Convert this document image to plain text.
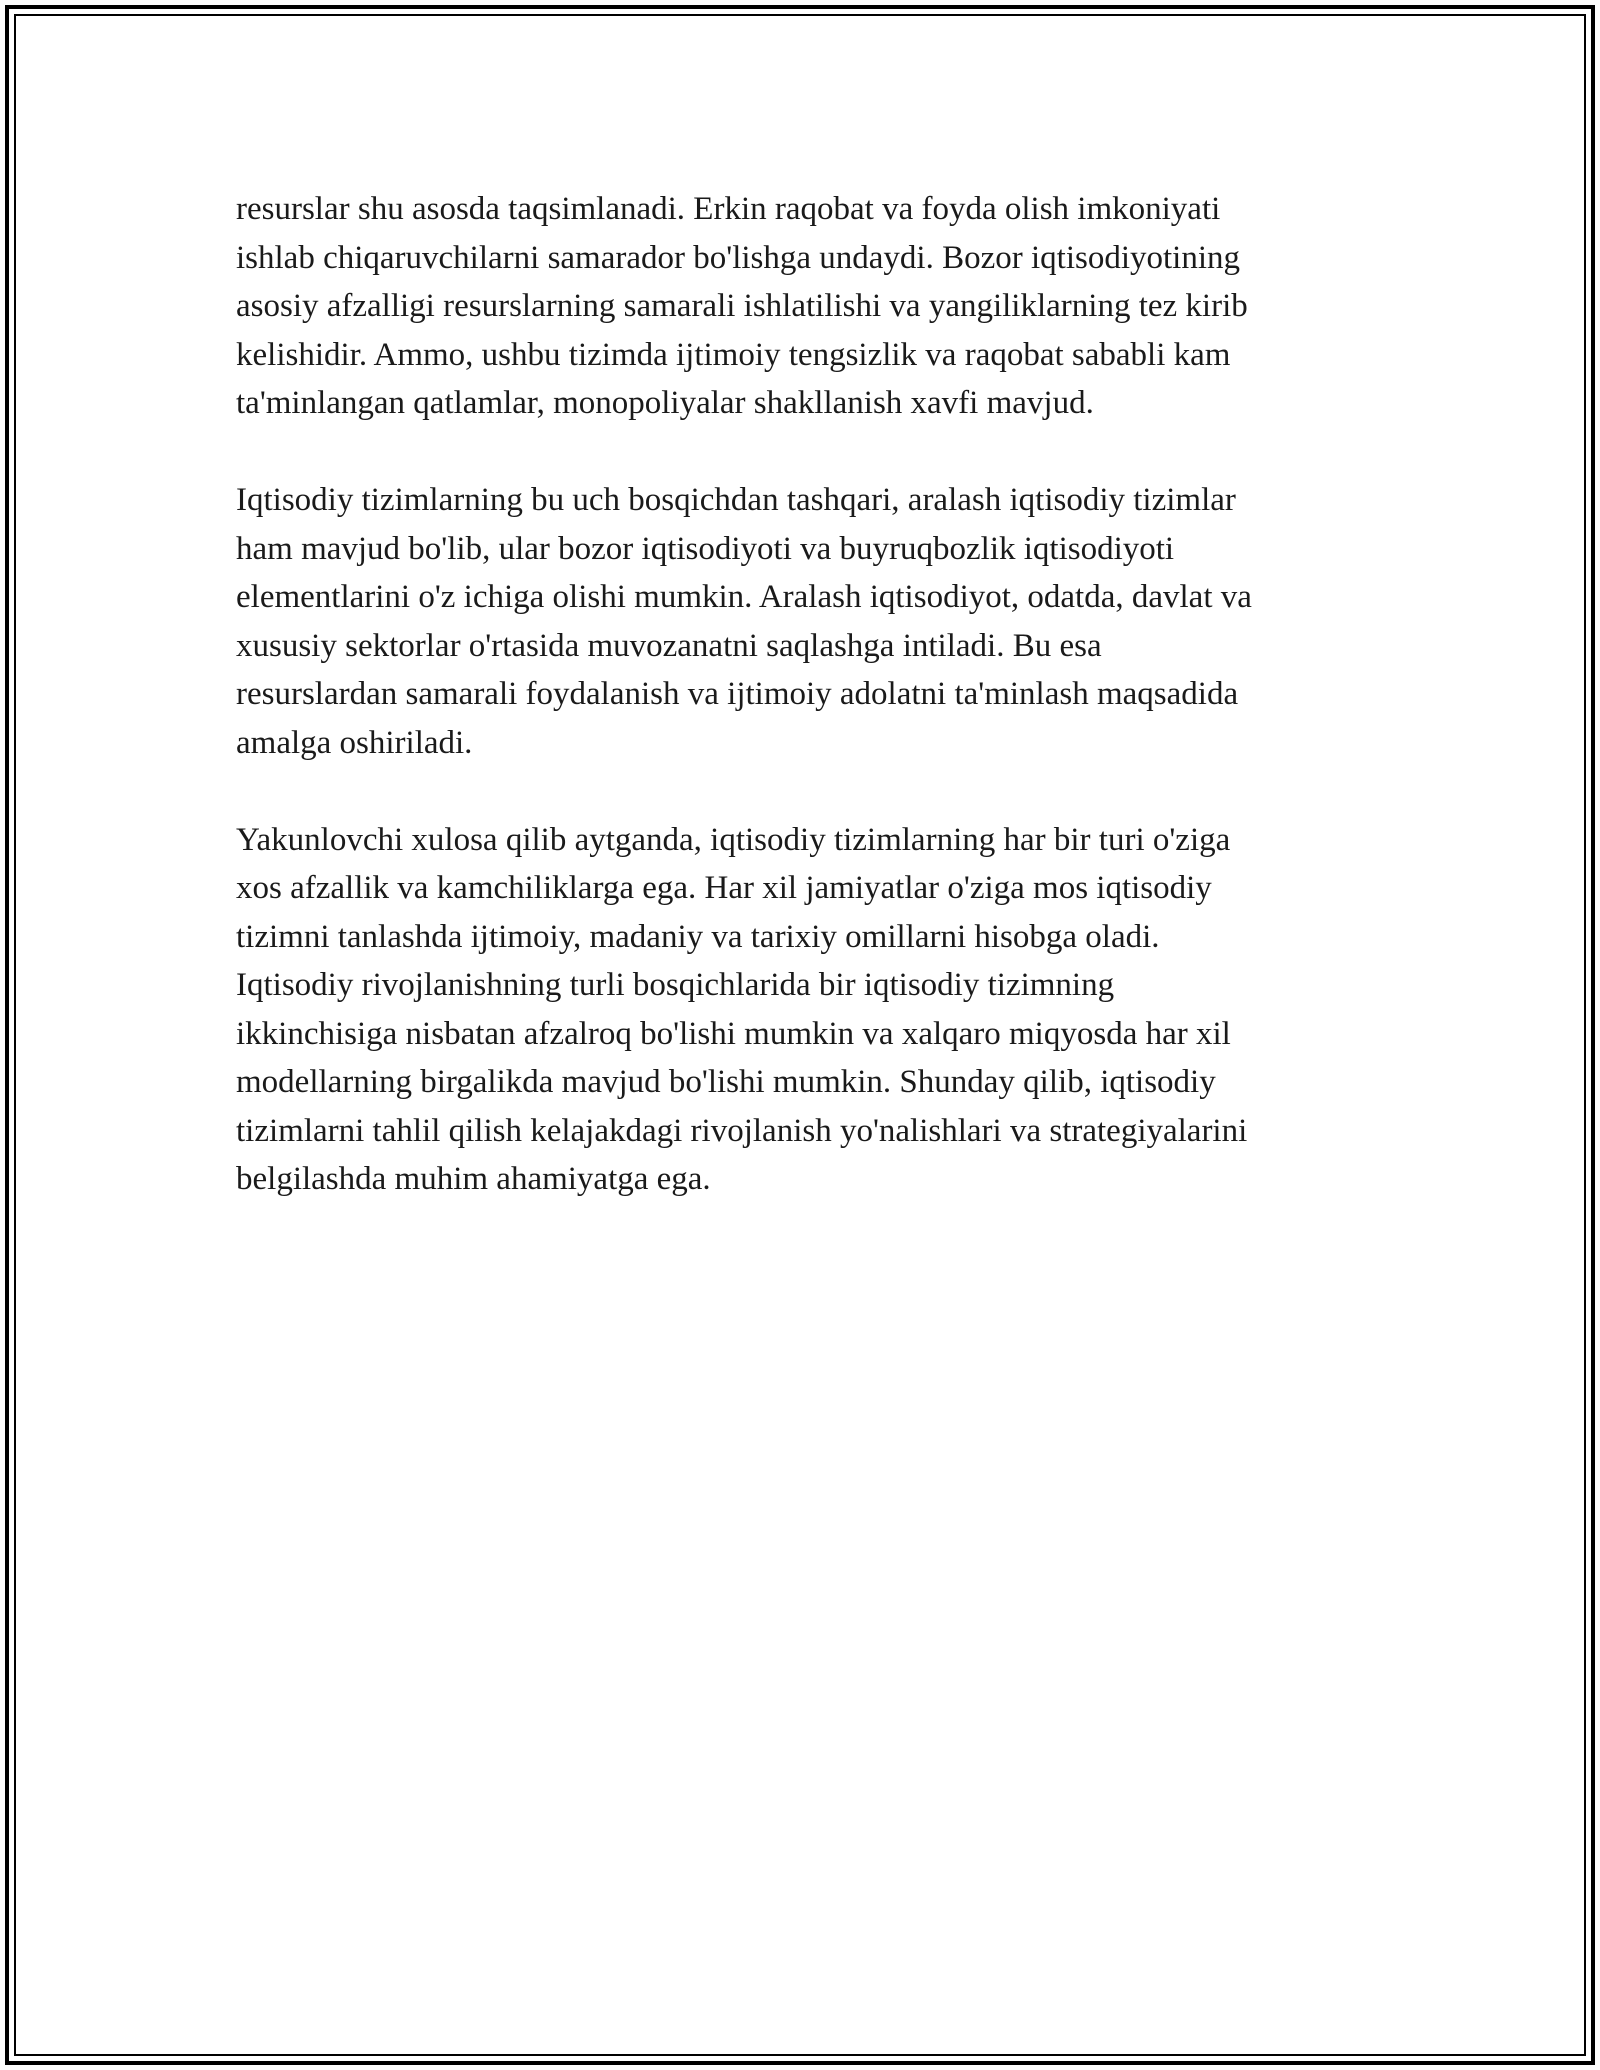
resurslar shu asosda taqsimlanadi. Erkin raqobat va foyda olish imkoniyati
ishlab chiqaruvchilarni samarador bo'lishga undaydi. Bozor iqtisodiyotining
asosiy afzalligi resurslarning samarali ishlatilishi va yangiliklarning tez kirib
kelishidir. Ammo, ushbu tizimda ijtimoiy tengsizlik va raqobat sababli kam
ta'minlangan qatlamlar, monopoliyalar shakllanish xavfi mavjud.

Iqtisodiy tizimlarning bu uch bosqichdan tashqari, aralash iqtisodiy tizimlar
ham mavjud bo'lib, ular bozor iqtisodiyoti va buyruqbozlik iqtisodiyoti
elementlarini o'z ichiga olishi mumkin. Aralash iqtisodiyot, odatda, davlat va
xususiy sektorlar o'rtasida muvozanatni saqlashga intiladi. Bu esa
resurslardan samarali foydalanish va ijtimoiy adolatni ta'minlash maqsadida
amalga oshiriladi.

Yakunlovchi xulosa qilib aytganda, iqtisodiy tizimlarning har bir turi o'ziga
xos afzallik va kamchiliklarga ega. Har xil jamiyatlar o'ziga mos iqtisodiy
tizimni tanlashda ijtimoiy, madaniy va tarixiy omillarni hisobga oladi.
Iqtisodiy rivojlanishning turli bosqichlarida bir iqtisodiy tizimning
ikkinchisiga nisbatan afzalroq bo'lishi mumkin va xalqaro miqyosda har xil
modellarning birgalikda mavjud bo'lishi mumkin. Shunday qilib, iqtisodiy
tizimlarni tahlil qilish kelajakdagi rivojlanish yo'nalishlari va strategiyalarini
belgilashda muhim ahamiyatga ega.
